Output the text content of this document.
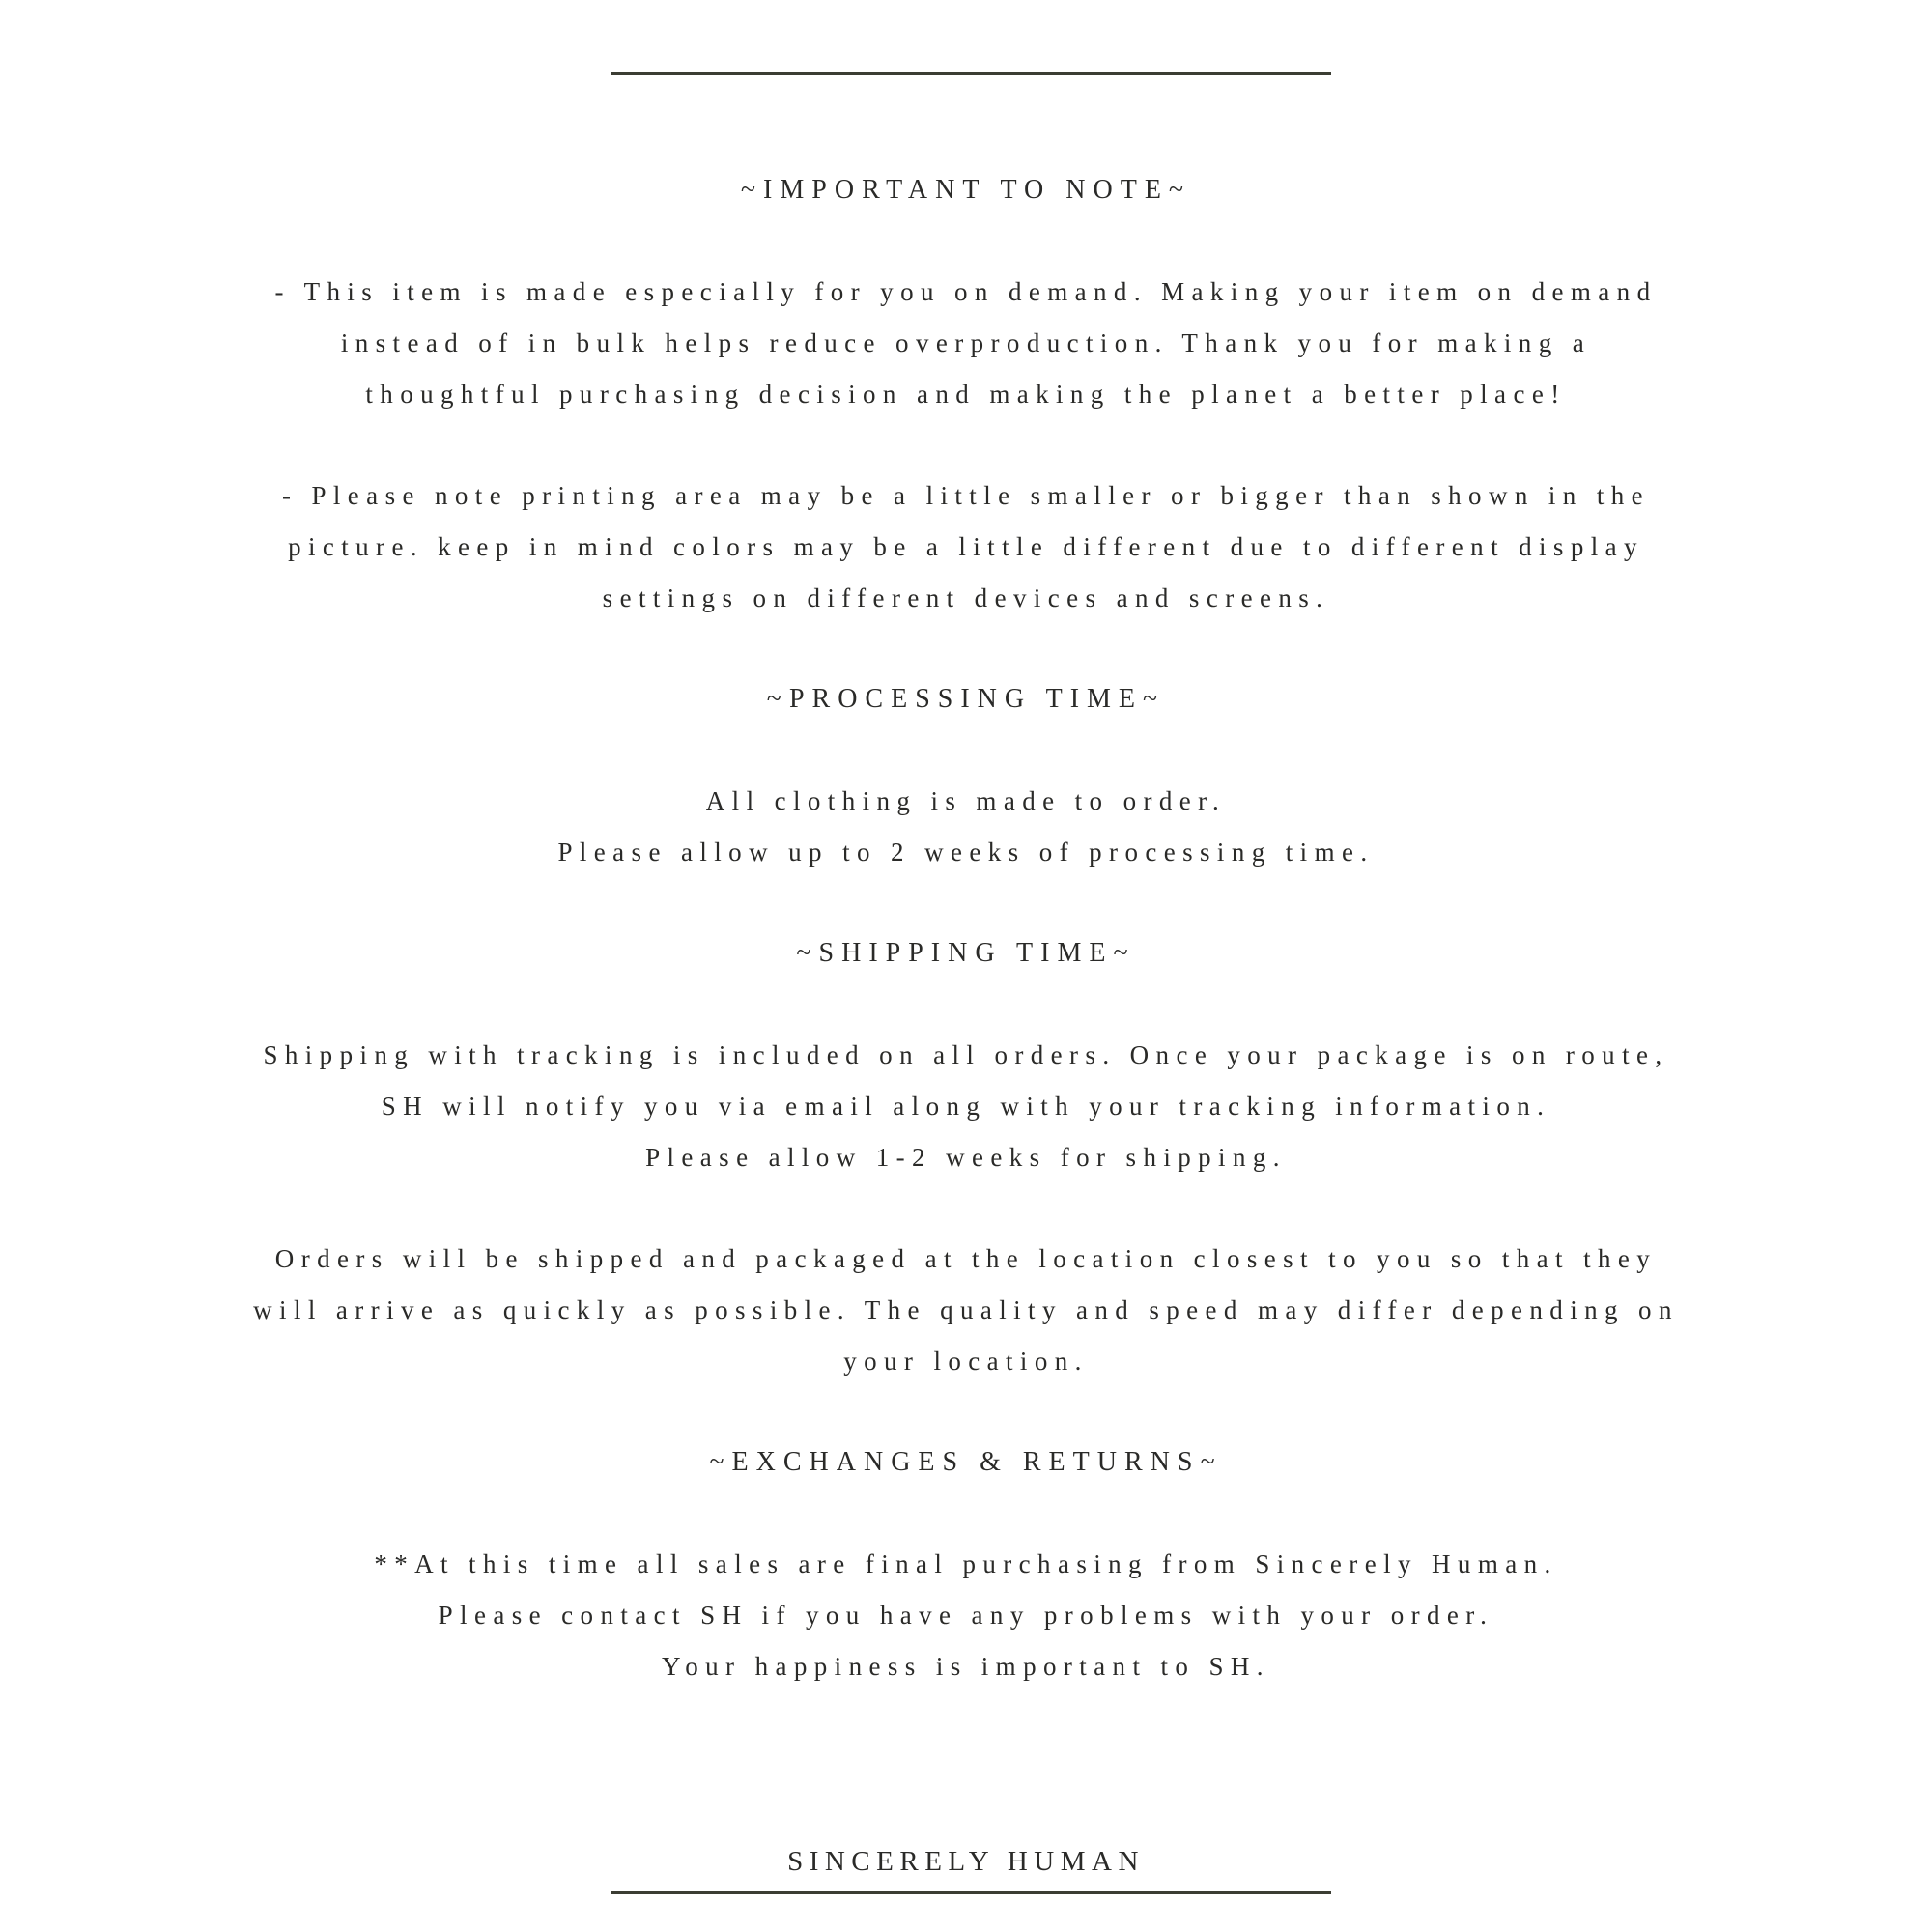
~IMPORTANT TO NOTE~
- This item is made especially for you on demand. Making your item on demand
instead of in bulk helps reduce overproduction. Thank you for making a
thoughtful purchasing decision and making the planet a better place!
- Please note printing area may be a little smaller or bigger than shown in the
picture. keep in mind colors may be a little different due to different display
settings on different devices and screens.
~PROCESSING TIME~
All clothing is made to order.
Please allow up to 2 weeks of processing time.
~SHIPPING TIME~
Shipping with tracking is included on all orders. Once your package is on route,
SH will notify you via email along with your tracking information.
Please allow 1-2 weeks for shipping.
Orders will be shipped and packaged at the location closest to you so that they
will arrive as quickly as possible. The quality and speed may differ depending on
your location.
~EXCHANGES & RETURNS~
**At this time all sales are final purchasing from Sincerely Human.
Please contact SH if you have any problems with your order.
Your happiness is important to SH.
SINCERELY HUMAN
